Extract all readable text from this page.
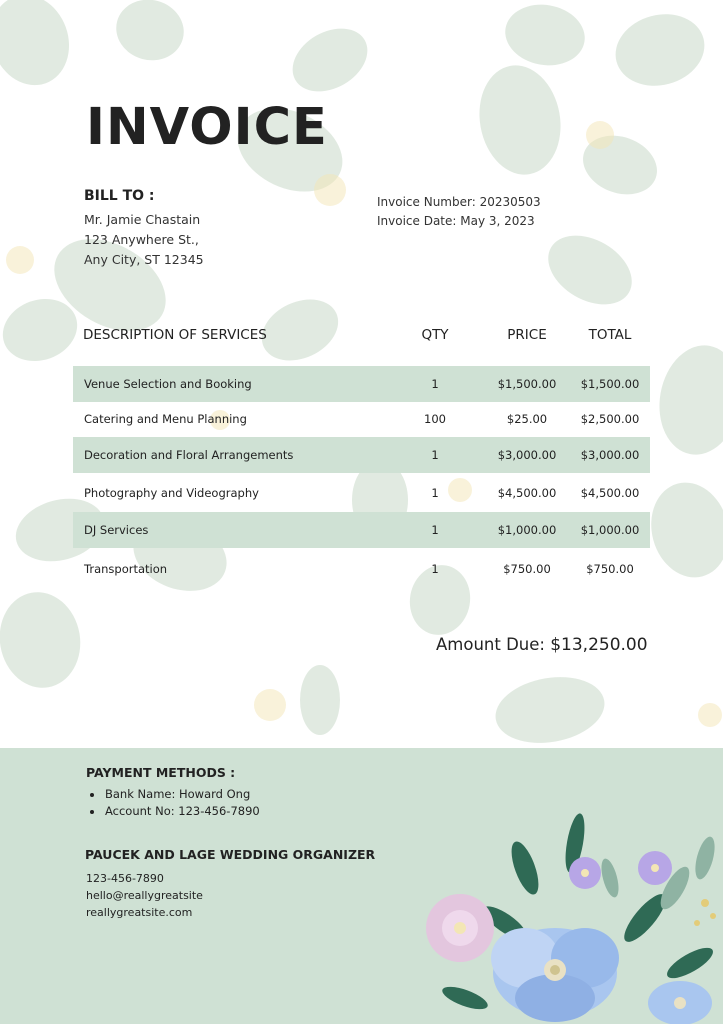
INVOICE
BILL TO :
Mr. Jamie Chastain
123 Anywhere St.,
Any City, ST 12345
Invoice Number: 20230503
Invoice Date: May 3, 2023
DESCRIPTION OF SERVICES	QTY	PRICE	TOTAL
Venue Selection and Booking	1	$1,500.00	$1,500.00
Catering and Menu Planning	100	$25.00	$2,500.00
Decoration and Floral Arrangements	1	$3,000.00	$3,000.00
Photography and Videography	1	$4,500.00	$4,500.00
DJ Services	1	$1,000.00	$1,000.00
Transportation	1	$750.00	$750.00
Amount Due: $13,250.00
PAYMENT METHODS :
Bank Name: Howard Ong
Account No: 123-456-7890
PAUCEK AND LAGE WEDDING ORGANIZER
123-456-7890
hello@reallygreatsite
reallygreatsite.com
